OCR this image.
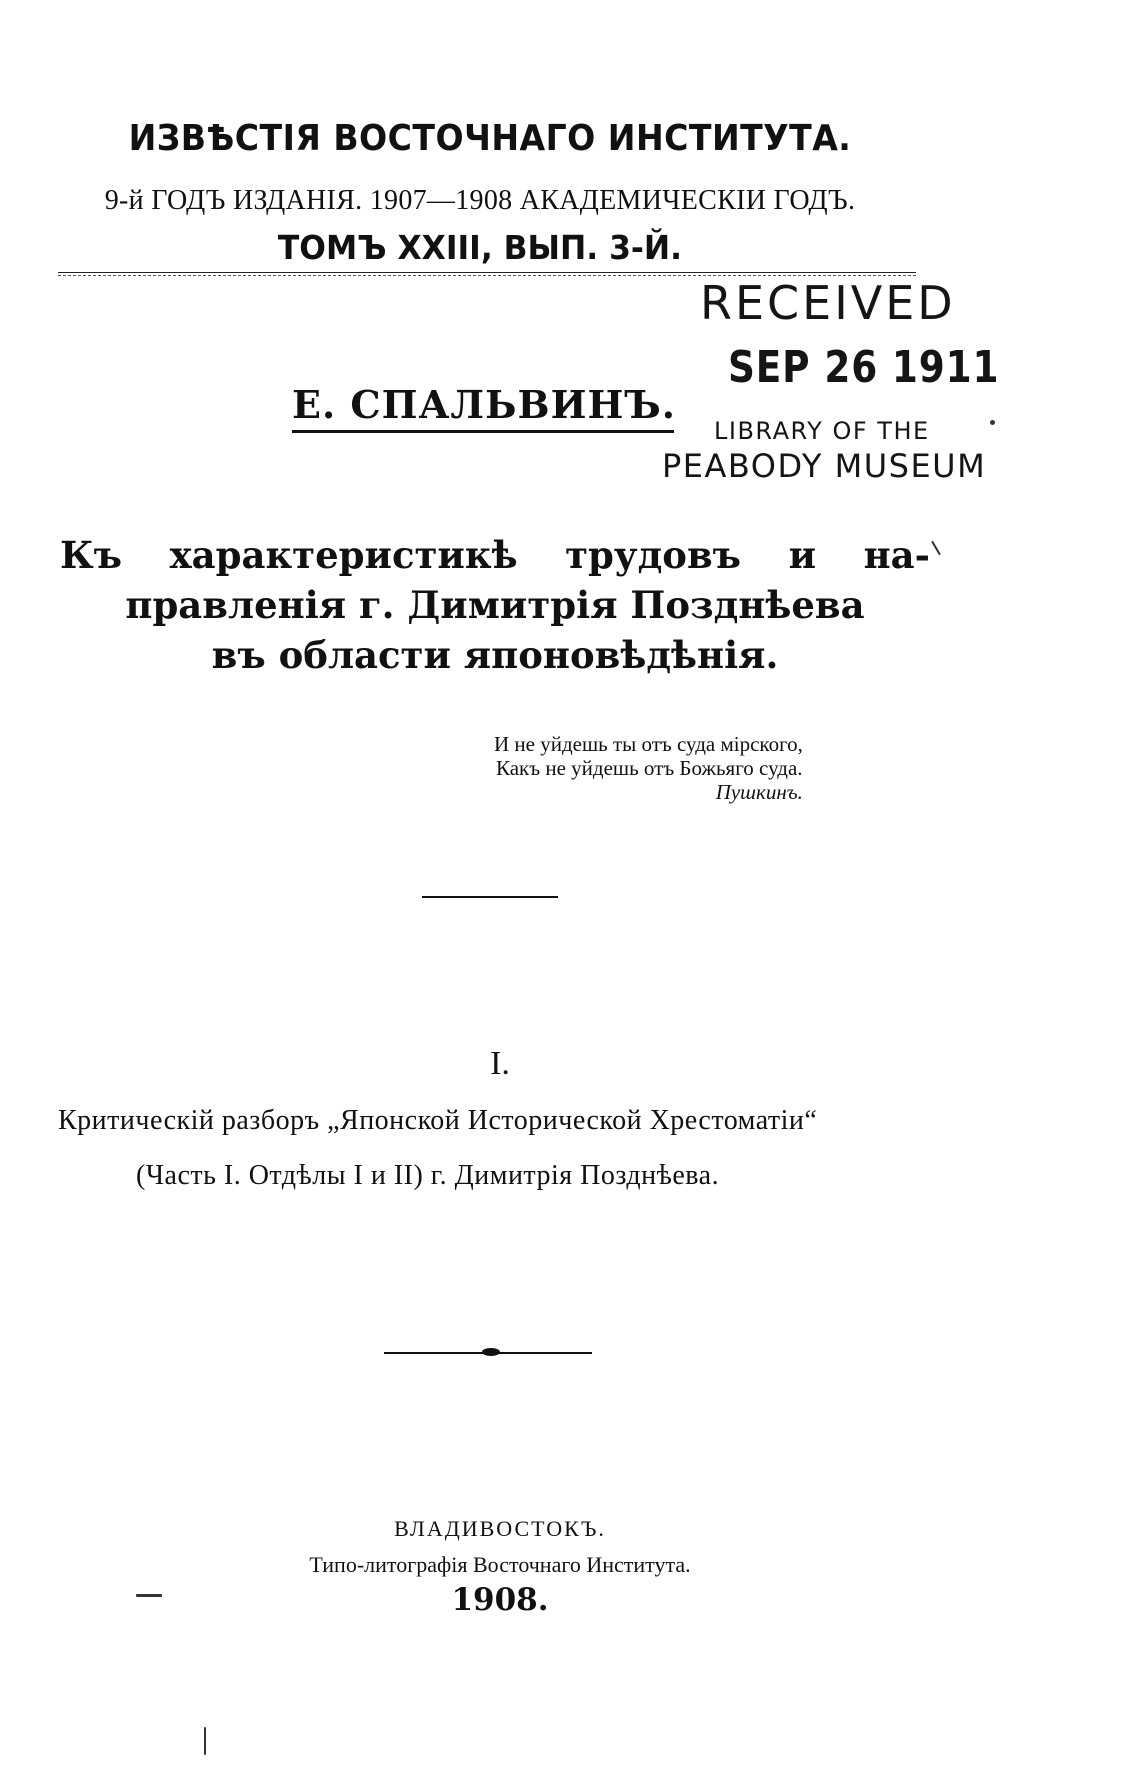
ИЗВѢСТІЯ ВОСТОЧНАГО ИНСТИТУТА.
9-й ГОДЪ ИЗДАНІЯ. 1907—1908 АКАДЕМИЧЕСКІИ ГОДЪ.
ТОМЪ XXIII, ВЫП. 3-Й.
RECEIVED
SEP 26 1911
LIBRARY OF THE
PEABODY MUSEUM
Е. СПАЛЬВИНЪ.
Къ характеристикѣ трудовъ и на-
правленія г. Димитрія Позднѣева
въ области японовѣдѣнія.
И не уйдешь ты отъ суда мірского,
Какъ не уйдешь отъ Божьяго суда.
Пушкинъ.
I.
Критическій разборъ „Японской Исторической Хрестоматіи“
(Часть I. Отдѣлы I и II) г. Димитрія Позднѣева.
ВЛАДИВОСТОКЪ.
Типо-литографія Восточнаго Института.
1908.
